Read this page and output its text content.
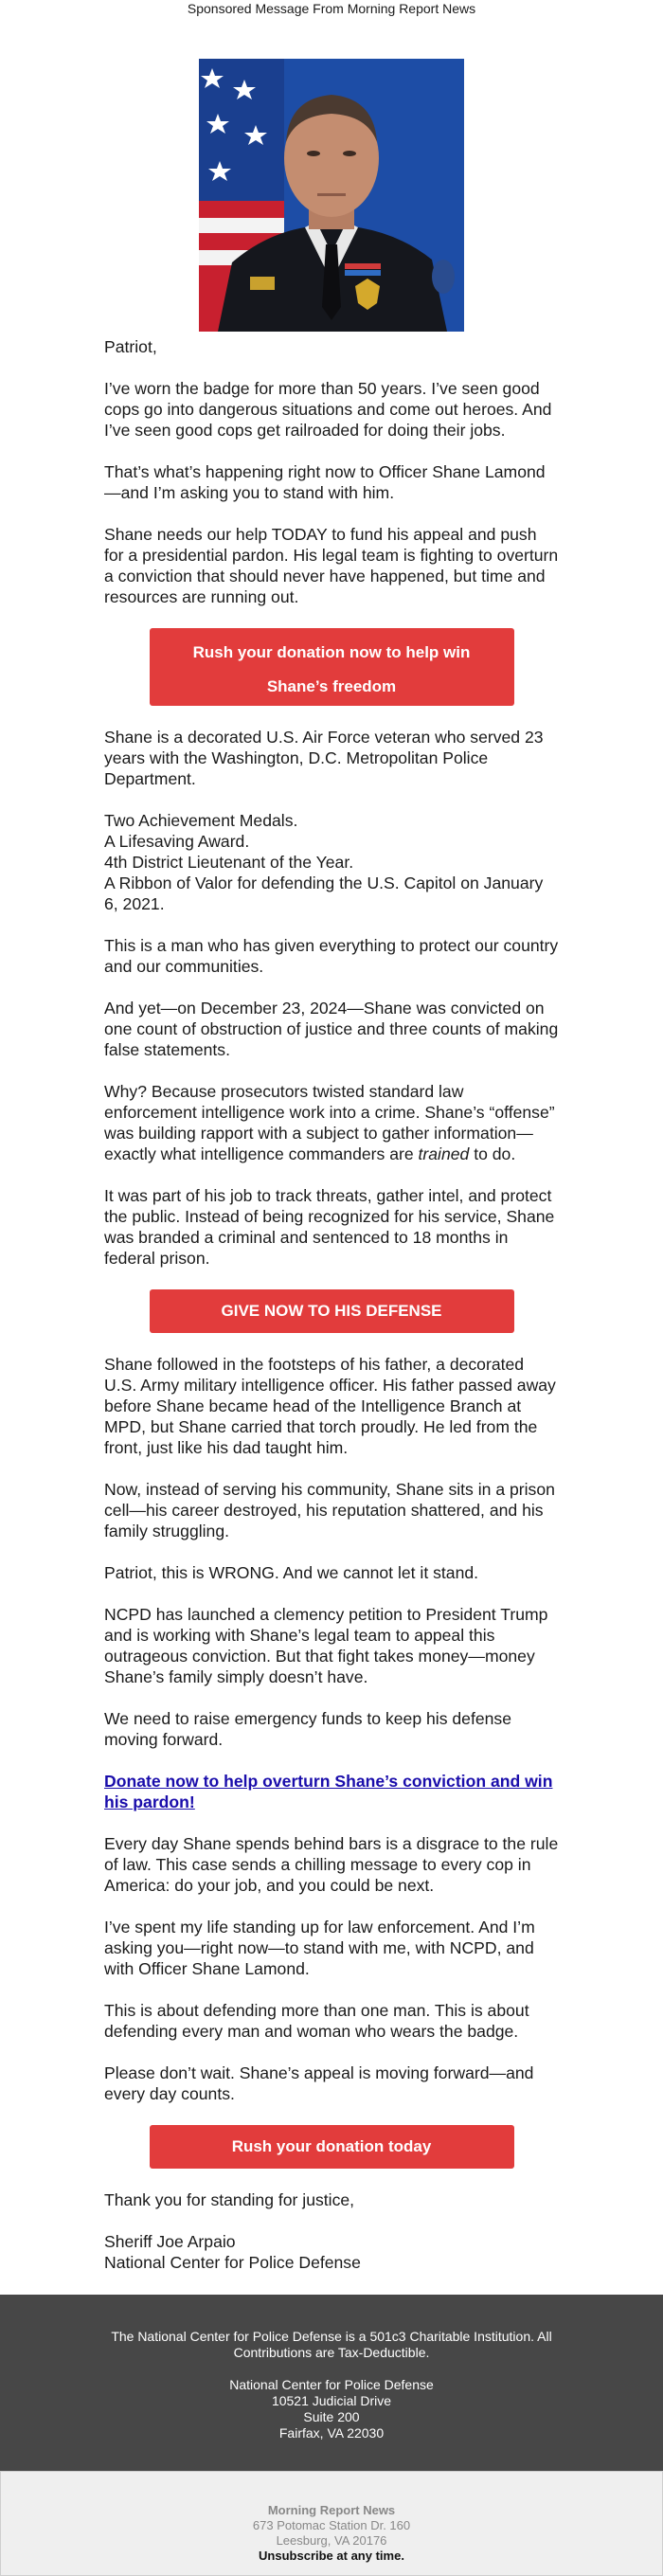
Sponsored Message From Morning Report News

Patriot,

I’ve worn the badge for more than 50 years. I’ve seen good cops go into dangerous situations and come out heroes. And I’ve seen good cops get railroaded for doing their jobs.

That’s what’s happening right now to Officer Shane Lamond—and I’m asking you to stand with him.

Shane needs our help TODAY to fund his appeal and push for a presidential pardon. His legal team is fighting to overturn a conviction that should never have happened, but time and resources are running out.

Rush your donation now to help win Shane’s freedom

Shane is a decorated U.S. Air Force veteran who served 23 years with the Washington, D.C. Metropolitan Police Department.

Two Achievement Medals.
A Lifesaving Award.
4th District Lieutenant of the Year.
A Ribbon of Valor for defending the U.S. Capitol on January 6, 2021.

This is a man who has given everything to protect our country and our communities.

And yet—on December 23, 2024—Shane was convicted on one count of obstruction of justice and three counts of making false statements.

Why? Because prosecutors twisted standard law enforcement intelligence work into a crime. Shane’s “offense” was building rapport with a subject to gather information—exactly what intelligence commanders are trained to do.

It was part of his job to track threats, gather intel, and protect the public. Instead of being recognized for his service, Shane was branded a criminal and sentenced to 18 months in federal prison.

GIVE NOW TO HIS DEFENSE

Shane followed in the footsteps of his father, a decorated U.S. Army military intelligence officer. His father passed away before Shane became head of the Intelligence Branch at MPD, but Shane carried that torch proudly. He led from the front, just like his dad taught him.

Now, instead of serving his community, Shane sits in a prison cell—his career destroyed, his reputation shattered, and his family struggling.

Patriot, this is WRONG. And we cannot let it stand.

NCPD has launched a clemency petition to President Trump and is working with Shane’s legal team to appeal this outrageous conviction. But that fight takes money—money Shane’s family simply doesn’t have.

We need to raise emergency funds to keep his defense moving forward.

Donate now to help overturn Shane’s conviction and win his pardon!

Every day Shane spends behind bars is a disgrace to the rule of law. This case sends a chilling message to every cop in America: do your job, and you could be next.

I’ve spent my life standing up for law enforcement. And I’m asking you—right now—to stand with me, with NCPD, and with Officer Shane Lamond.

This is about defending more than one man. This is about defending every man and woman who wears the badge.

Please don’t wait. Shane’s appeal is moving forward—and every day counts.

Rush your donation today

Thank you for standing for justice,

Sheriff Joe Arpaio
National Center for Police Defense

The National Center for Police Defense is a 501c3 Charitable Institution. All Contributions are Tax-Deductible.
National Center for Police Defense
10521 Judicial Drive
Suite 200
Fairfax, VA 22030
Morning Report News
673 Potomac Station Dr. 160
Leesburg, VA 20176
Unsubscribe at any time.
